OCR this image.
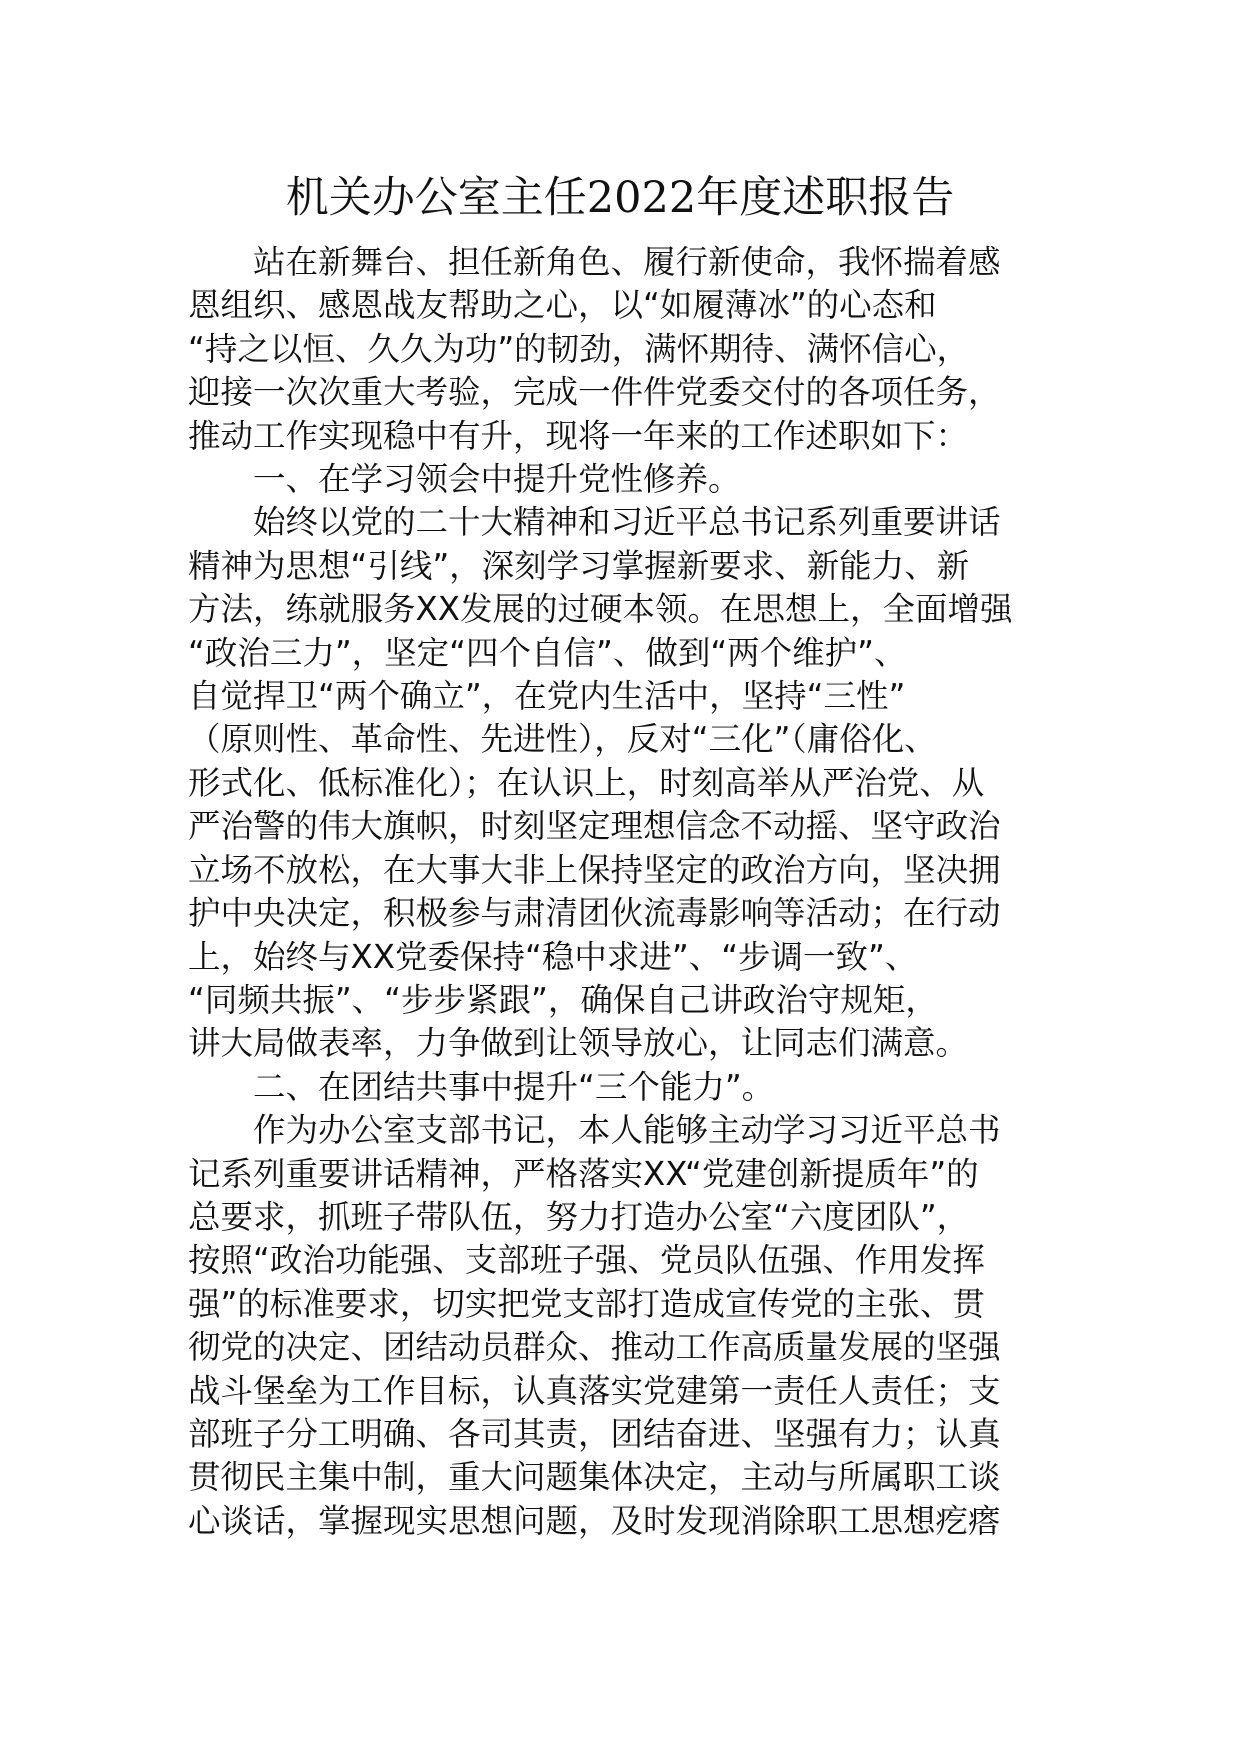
机关办公室主任2022年度述职报告
站在新舞台、担任新角色、履行新使命，我怀揣着感
恩组织、感恩战友帮助之心，以“如履薄冰”的心态和
“持之以恒、久久为功”的韧劲，满怀期待、满怀信心，
迎接一次次重大考验，完成一件件党委交付的各项任务，
推动工作实现稳中有升，现将一年来的工作述职如下：
一、在学习领会中提升党性修养。
始终以党的二十大精神和习近平总书记系列重要讲话
精神为思想“引线”，深刻学习掌握新要求、新能力、新
方法，练就服务XX发展的过硬本领。在思想上，全面增强
“政治三力”，坚定“四个自信”、做到“两个维护”、
自觉捍卫“两个确立”，在党内生活中，坚持“三性”
（原则性、革命性、先进性），反对“三化”（庸俗化、
形式化、低标准化）；在认识上，时刻高举从严治党、从
严治警的伟大旗帜，时刻坚定理想信念不动摇、坚守政治
立场不放松，在大事大非上保持坚定的政治方向，坚决拥
护中央决定，积极参与肃清团伙流毒影响等活动；在行动
上，始终与XX党委保持“稳中求进”、“步调一致”、
“同频共振”、“步步紧跟”，确保自己讲政治守规矩，
讲大局做表率，力争做到让领导放心，让同志们满意。
二、在团结共事中提升“三个能力”。
作为办公室支部书记，本人能够主动学习习近平总书
记系列重要讲话精神，严格落实XX“党建创新提质年”的
总要求，抓班子带队伍，努力打造办公室“六度团队”，
按照“政治功能强、支部班子强、党员队伍强、作用发挥
强”的标准要求，切实把党支部打造成宣传党的主张、贯
彻党的决定、团结动员群众、推动工作高质量发展的坚强
战斗堡垒为工作目标，认真落实党建第一责任人责任；支
部班子分工明确、各司其责，团结奋进、坚强有力；认真
贯彻民主集中制，重大问题集体决定，主动与所属职工谈
心谈话，掌握现实思想问题，及时发现消除职工思想疙瘩
